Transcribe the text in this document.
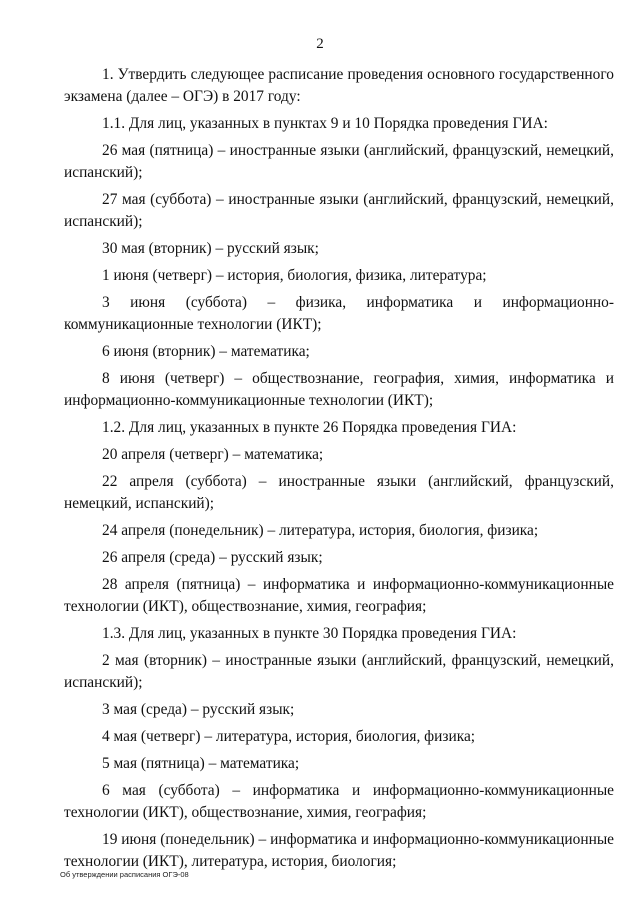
2

1. Утвердить следующее расписание проведения основного государственного экзамена (далее – ОГЭ) в 2017 году:

1.1. Для лиц, указанных в пунктах 9 и 10 Порядка проведения ГИА:

26 мая (пятница) – иностранные языки (английский, французский, немецкий, испанский);

27 мая (суббота) – иностранные языки (английский, французский, немецкий, испанский);

30 мая (вторник) – русский язык;

1 июня (четверг) – история, биология, физика, литература;

3 июня (суббота) – физика, информатика и информационно-коммуникационные технологии (ИКТ);

6 июня (вторник) – математика;

8 июня (четверг) – обществознание, география, химия, информатика и информационно-коммуникационные технологии (ИКТ);

1.2. Для лиц, указанных в пункте 26 Порядка проведения ГИА:

20 апреля (четверг) – математика;

22 апреля (суббота) – иностранные языки (английский, французский, немецкий, испанский);

24 апреля (понедельник) – литература, история, биология, физика;

26 апреля (среда) – русский язык;

28 апреля (пятница) – информатика и информационно-коммуникационные технологии (ИКТ), обществознание, химия, география;

1.3. Для лиц, указанных в пункте 30 Порядка проведения ГИА:

2 мая (вторник) – иностранные языки (английский, французский, немецкий, испанский);

3 мая (среда) – русский язык;

4 мая (четверг) – литература, история, биология, физика;

5 мая (пятница) – математика;

6 мая (суббота) – информатика и информационно-коммуникационные технологии (ИКТ), обществознание, химия, география;

19 июня (понедельник) – информатика и информационно-коммуникационные технологии (ИКТ), литература, история, биология;

Об утверждении расписания ОГЭ-08
